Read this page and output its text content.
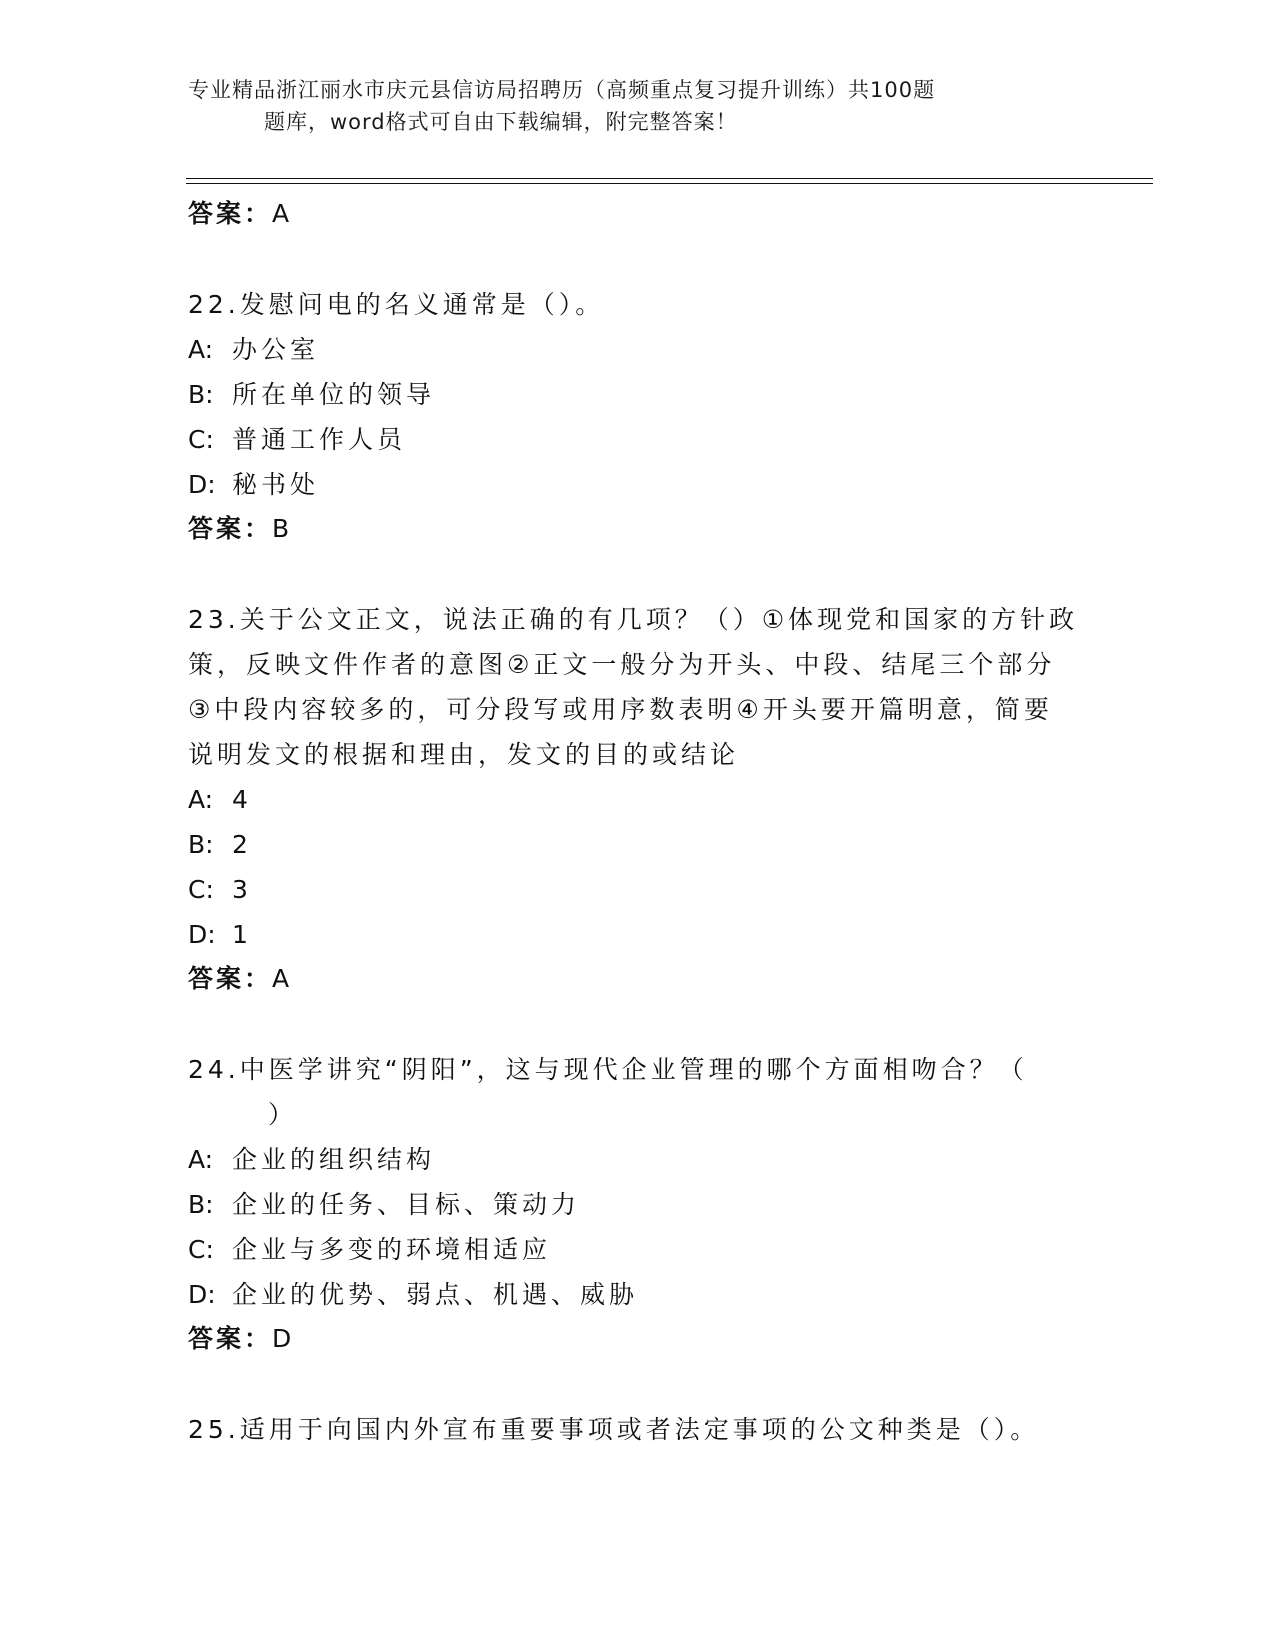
专业精品浙江丽水市庆元县信访局招聘历（高频重点复习提升训练）共100题
题库，word格式可自由下载编辑，附完整答案！
答案：A
22.发慰问电的名义通常是（）。
A: 办公室
B: 所在单位的领导
C: 普通工作人员
D: 秘书处
答案：B
23.关于公文正文，说法正确的有几项？（）①体现党和国家的方针政
策，反映文件作者的意图②正文一般分为开头、中段、结尾三个部分
③中段内容较多的，可分段写或用序数表明④开头要开篇明意，简要
说明发文的根据和理由，发文的目的或结论
A: 4
B: 2
C: 3
D: 1
答案：A
24.中医学讲究“阴阳”，这与现代企业管理的哪个方面相吻合？（
）
A: 企业的组织结构
B: 企业的任务、目标、策动力
C: 企业与多变的环境相适应
D: 企业的优势、弱点、机遇、威胁
答案：D
25.适用于向国内外宣布重要事项或者法定事项的公文种类是（）。
